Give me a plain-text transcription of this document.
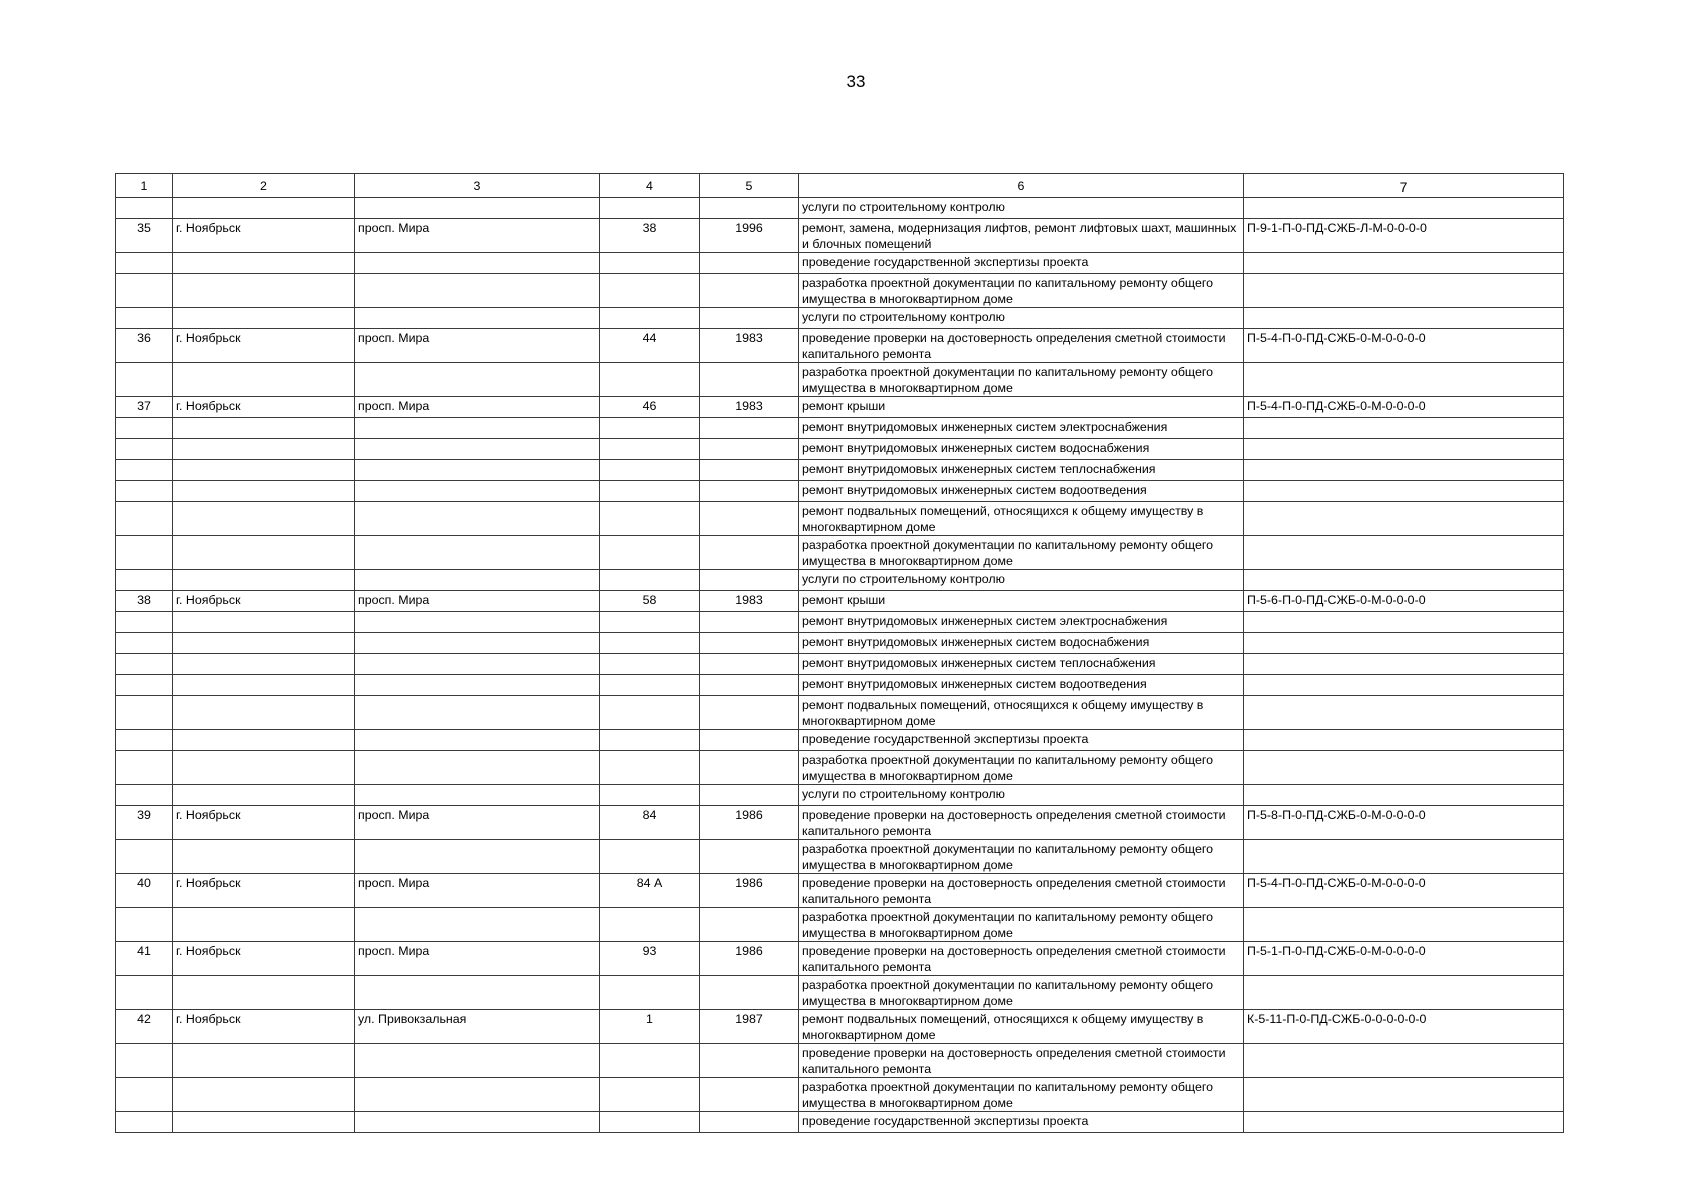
33
1	2	3	4	5	6	7
					услуги по строительному контролю	
35	г. Ноябрьск	просп. Мира	38	1996	ремонт, замена, модернизация лифтов, ремонт лифтовых шахт, машинных и блочных помещений	П-9-1-П-0-ПД-СЖБ-Л-М-0-0-0-0
					проведение государственной экспертизы проекта	
					разработка проектной документации по капитальному ремонту общего имущества в многоквартирном доме	
					услуги по строительному контролю	
36	г. Ноябрьск	просп. Мира	44	1983	проведение проверки на достоверность определения сметной стоимости капитального ремонта	П-5-4-П-0-ПД-СЖБ-0-М-0-0-0-0
					разработка проектной документации по капитальному ремонту общего имущества в многоквартирном доме	
37	г. Ноябрьск	просп. Мира	46	1983	ремонт крыши	П-5-4-П-0-ПД-СЖБ-0-М-0-0-0-0
					ремонт внутридомовых инженерных систем электроснабжения	
					ремонт внутридомовых инженерных систем водоснабжения	
					ремонт внутридомовых инженерных систем теплоснабжения	
					ремонт внутридомовых инженерных систем водоотведения	
					ремонт подвальных помещений, относящихся к общему имуществу в многоквартирном доме	
					разработка проектной документации по капитальному ремонту общего имущества в многоквартирном доме	
					услуги по строительному контролю	
38	г. Ноябрьск	просп. Мира	58	1983	ремонт крыши	П-5-6-П-0-ПД-СЖБ-0-М-0-0-0-0
					ремонт внутридомовых инженерных систем электроснабжения	
					ремонт внутридомовых инженерных систем водоснабжения	
					ремонт внутридомовых инженерных систем теплоснабжения	
					ремонт внутридомовых инженерных систем водоотведения	
					ремонт подвальных помещений, относящихся к общему имуществу в многоквартирном доме	
					проведение государственной экспертизы проекта	
					разработка проектной документации по капитальному ремонту общего имущества в многоквартирном доме	
					услуги по строительному контролю	
39	г. Ноябрьск	просп. Мира	84	1986	проведение проверки на достоверность определения сметной стоимости капитального ремонта	П-5-8-П-0-ПД-СЖБ-0-М-0-0-0-0
					разработка проектной документации по капитальному ремонту общего имущества в многоквартирном доме	
40	г. Ноябрьск	просп. Мира	84 А	1986	проведение проверки на достоверность определения сметной стоимости капитального ремонта	П-5-4-П-0-ПД-СЖБ-0-М-0-0-0-0
					разработка проектной документации по капитальному ремонту общего имущества в многоквартирном доме	
41	г. Ноябрьск	просп. Мира	93	1986	проведение проверки на достоверность определения сметной стоимости капитального ремонта	П-5-1-П-0-ПД-СЖБ-0-М-0-0-0-0
					разработка проектной документации по капитальному ремонту общего имущества в многоквартирном доме	
42	г. Ноябрьск	ул. Привокзальная	1	1987	ремонт подвальных помещений, относящихся к общему имуществу в многоквартирном доме	К-5-11-П-0-ПД-СЖБ-0-0-0-0-0-0
					проведение проверки на достоверность определения сметной стоимости капитального ремонта	
					разработка проектной документации по капитальному ремонту общего имущества в многоквартирном доме	
					проведение государственной экспертизы проекта	
